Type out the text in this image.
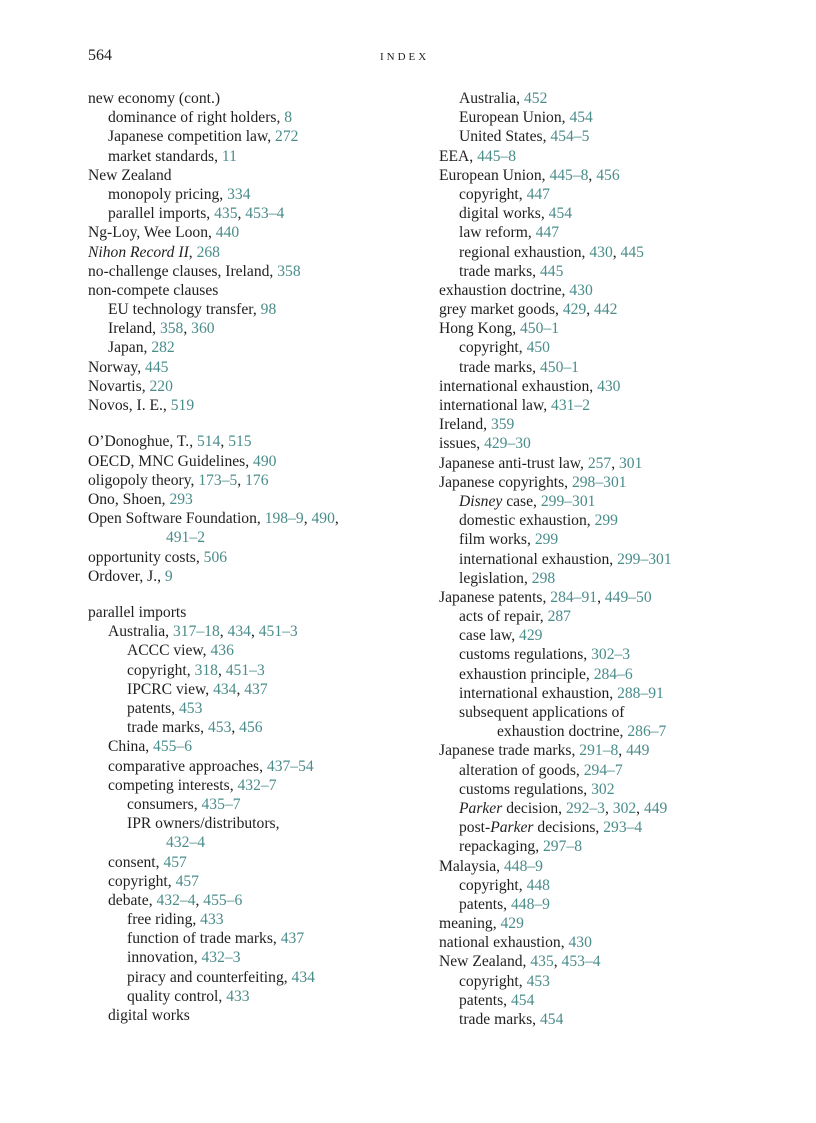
564	INDEX
new economy (cont.)
dominance of right holders, 8
Japanese competition law, 272
market standards, 11
New Zealand
monopoly pricing, 334
parallel imports, 435, 453–4
Ng-Loy, Wee Loon, 440
Nihon Record II, 268
no-challenge clauses, Ireland, 358
non-compete clauses
EU technology transfer, 98
Ireland, 358, 360
Japan, 282
Norway, 445
Novartis, 220
Novos, I. E., 519
O’Donoghue, T., 514, 515
OECD, MNC Guidelines, 490
oligopoly theory, 173–5, 176
Ono, Shoen, 293
Open Software Foundation, 198–9, 490,
491–2
opportunity costs, 506
Ordover, J., 9
parallel imports
Australia, 317–18, 434, 451–3
ACCC view, 436
copyright, 318, 451–3
IPCRC view, 434, 437
patents, 453
trade marks, 453, 456
China, 455–6
comparative approaches, 437–54
competing interests, 432–7
consumers, 435–7
IPR owners/distributors,
432–4
consent, 457
copyright, 457
debate, 432–4, 455–6
free riding, 433
function of trade marks, 437
innovation, 432–3
piracy and counterfeiting, 434
quality control, 433
digital works
Australia, 452
European Union, 454
United States, 454–5
EEA, 445–8
European Union, 445–8, 456
copyright, 447
digital works, 454
law reform, 447
regional exhaustion, 430, 445
trade marks, 445
exhaustion doctrine, 430
grey market goods, 429, 442
Hong Kong, 450–1
copyright, 450
trade marks, 450–1
international exhaustion, 430
international law, 431–2
Ireland, 359
issues, 429–30
Japanese anti-trust law, 257, 301
Japanese copyrights, 298–301
Disney case, 299–301
domestic exhaustion, 299
film works, 299
international exhaustion, 299–301
legislation, 298
Japanese patents, 284–91, 449–50
acts of repair, 287
case law, 429
customs regulations, 302–3
exhaustion principle, 284–6
international exhaustion, 288–91
subsequent applications of
exhaustion doctrine, 286–7
Japanese trade marks, 291–8, 449
alteration of goods, 294–7
customs regulations, 302
Parker decision, 292–3, 302, 449
post-Parker decisions, 293–4
repackaging, 297–8
Malaysia, 448–9
copyright, 448
patents, 448–9
meaning, 429
national exhaustion, 430
New Zealand, 435, 453–4
copyright, 453
patents, 454
trade marks, 454
